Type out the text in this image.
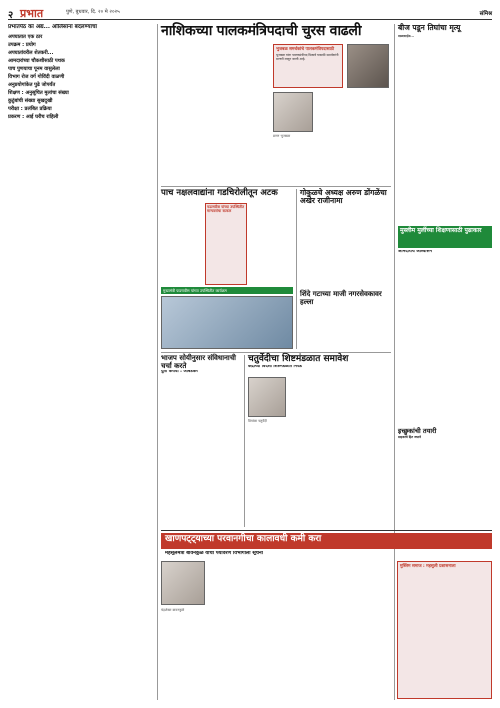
२ प्रभात	पुणे, बुधवार, दि. २० मे २०२५	संमिश्र
प्रभातपेठ का अद्य... ओलिसांना बदलण्याचा
अपघातात एक ठार
उपक्रम : प्रयोग
अपघातांवरील शेतकरी...
आमदारांच्या चौकशीसाठी पथक
पाच पुणयाचा पूनम वासुलेला
विभाग रोज वर्ग गोविंदी वाळणी
अनुप्रयोगांकेत पुढे जोपर्यंत
शिक्षण : अनुसूचित मुलांचा संख्या
कुटुंबांची संख्या सुखदुखी
परीक्षा : प्रलंबित प्रक्रिया
प्रकरण : आई घरीच राहिली
नाशिकच्या पालकमंत्रिपदाची चुरस वाढली

भुजबळ समर्थकांचे पालकमंत्रिपदासाठी
भुजबळ यांना पालकमंत्रीपद मिळावे यासाठी समर्थकांनी मागणी लावून धरली आहे.
छगन भुजबळ
बीज पडून तिघांचा मृत्यू
बाळासाहेब...
पाच नक्षलवाद्यांना गडचिरोलीतून अटक
फडणवीस यांच्या उपस्थितीत मान्यवरांचा सत्कार
मुख्यमंत्री फडणवीस यांच्या उपस्थितीत कार्यक्रम
गोकुळचे अध्यक्ष अरुण डोंगळेंचा अखेर राजीनामा
शिंदे गटाच्या माजी नगरसेवकावर हल्ला
मुस्लीम मुलींच्या शिक्षणासाठी पुढाकार
आमदारांचे आश्वासन
भाजप सोयीनुसार संविधानाची चर्चा करते
युती करावी : आंबेडकर
चतुर्वेदीचा शिष्टमंडळात समावेश
केंद्राच्या विदेशी शिष्टमंडळात निवड
प्रियांका चतुर्वेदी
इच्छुकांची तयारी
ग्राहकांचे हित जपावे
खाणपट्ट्याच्या परवानगीचा कालावधी कमी करा
महसूलमंत्री बावनकुळे यांची पर्यावरण विभागाला सूचना
चंद्रशेखर बावनकुळे
मुस्लिम समाज : महसुली प्रशासनाला
